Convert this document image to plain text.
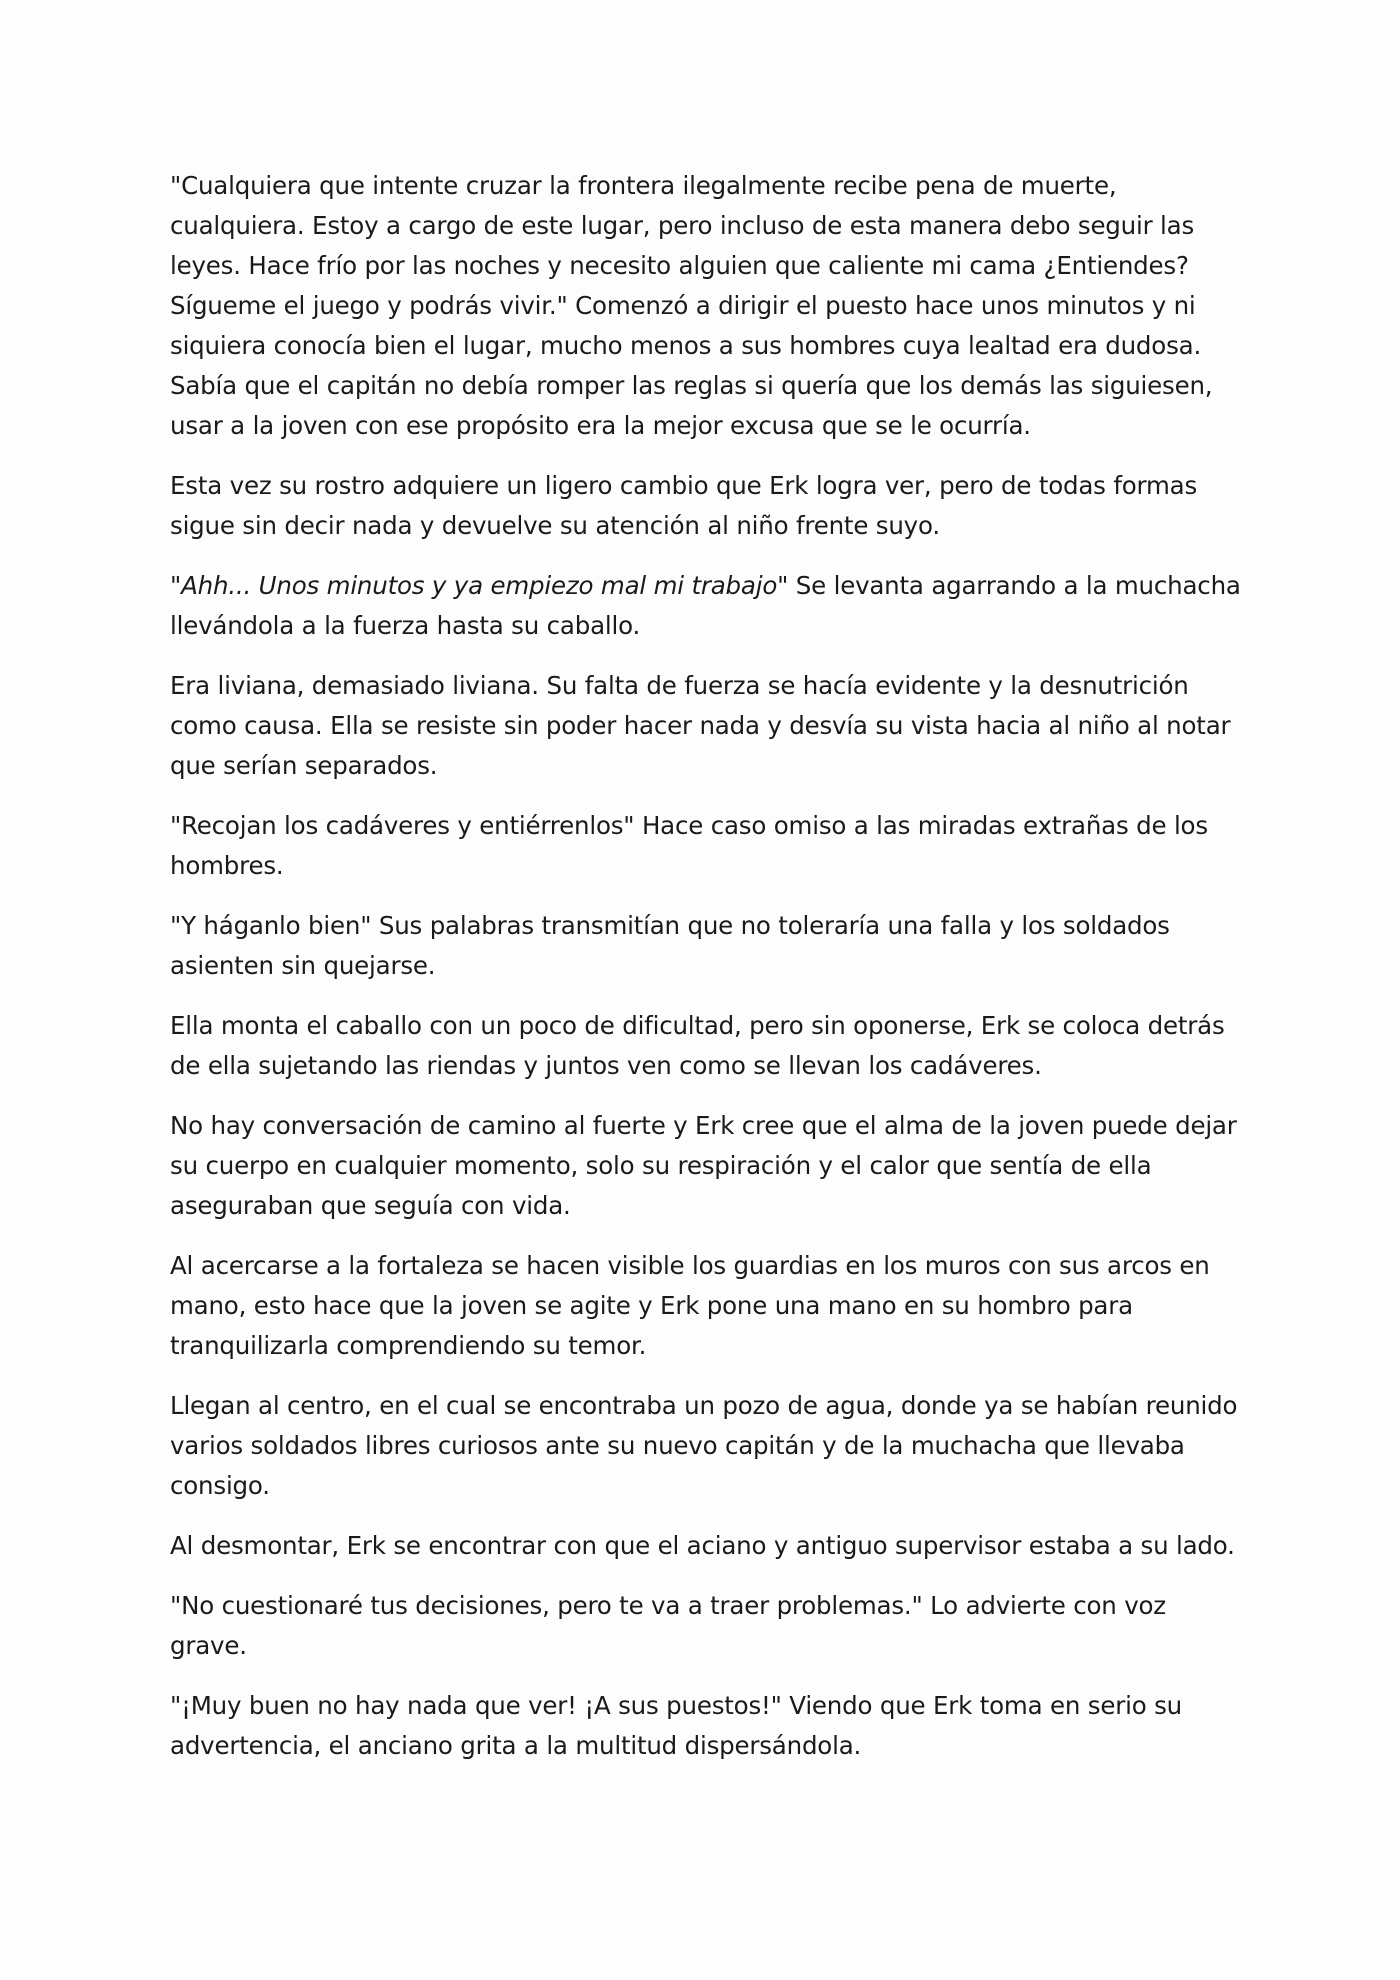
"Cualquiera que intente cruzar la frontera ilegalmente recibe pena de muerte, cualquiera. Estoy a cargo de este lugar, pero incluso de esta manera debo seguir las leyes. Hace frío por las noches y necesito alguien que caliente mi cama ¿Entiendes? Sígueme el juego y podrás vivir." Comenzó a dirigir el puesto hace unos minutos y ni siquiera conocía bien el lugar, mucho menos a sus hombres cuya lealtad era dudosa. Sabía que el capitán no debía romper las reglas si quería que los demás las siguiesen, usar a la joven con ese propósito era la mejor excusa que se le ocurría.

Esta vez su rostro adquiere un ligero cambio que Erk logra ver, pero de todas formas sigue sin decir nada y devuelve su atención al niño frente suyo.

"Ahh... Unos minutos y ya empiezo mal mi trabajo" Se levanta agarrando a la muchacha llevándola a la fuerza hasta su caballo.

Era liviana, demasiado liviana. Su falta de fuerza se hacía evidente y la desnutrición como causa. Ella se resiste sin poder hacer nada y desvía su vista hacia al niño al notar que serían separados.

"Recojan los cadáveres y entiérrenlos" Hace caso omiso a las miradas extrañas de los hombres.

"Y háganlo bien" Sus palabras transmitían que no toleraría una falla y los soldados asienten sin quejarse.

Ella monta el caballo con un poco de dificultad, pero sin oponerse, Erk se coloca detrás de ella sujetando las riendas y juntos ven como se llevan los cadáveres.

No hay conversación de camino al fuerte y Erk cree que el alma de la joven puede dejar su cuerpo en cualquier momento, solo su respiración y el calor que sentía de ella aseguraban que seguía con vida.

Al acercarse a la fortaleza se hacen visible los guardias en los muros con sus arcos en mano, esto hace que la joven se agite y Erk pone una mano en su hombro para tranquilizarla comprendiendo su temor.

Llegan al centro, en el cual se encontraba un pozo de agua, donde ya se habían reunido varios soldados libres curiosos ante su nuevo capitán y de la muchacha que llevaba consigo.

Al desmontar, Erk se encontrar con que el aciano y antiguo supervisor estaba a su lado.

"No cuestionaré tus decisiones, pero te va a traer problemas." Lo advierte con voz grave.

"¡Muy buen no hay nada que ver! ¡A sus puestos!" Viendo que Erk toma en serio su advertencia, el anciano grita a la multitud dispersándola.
